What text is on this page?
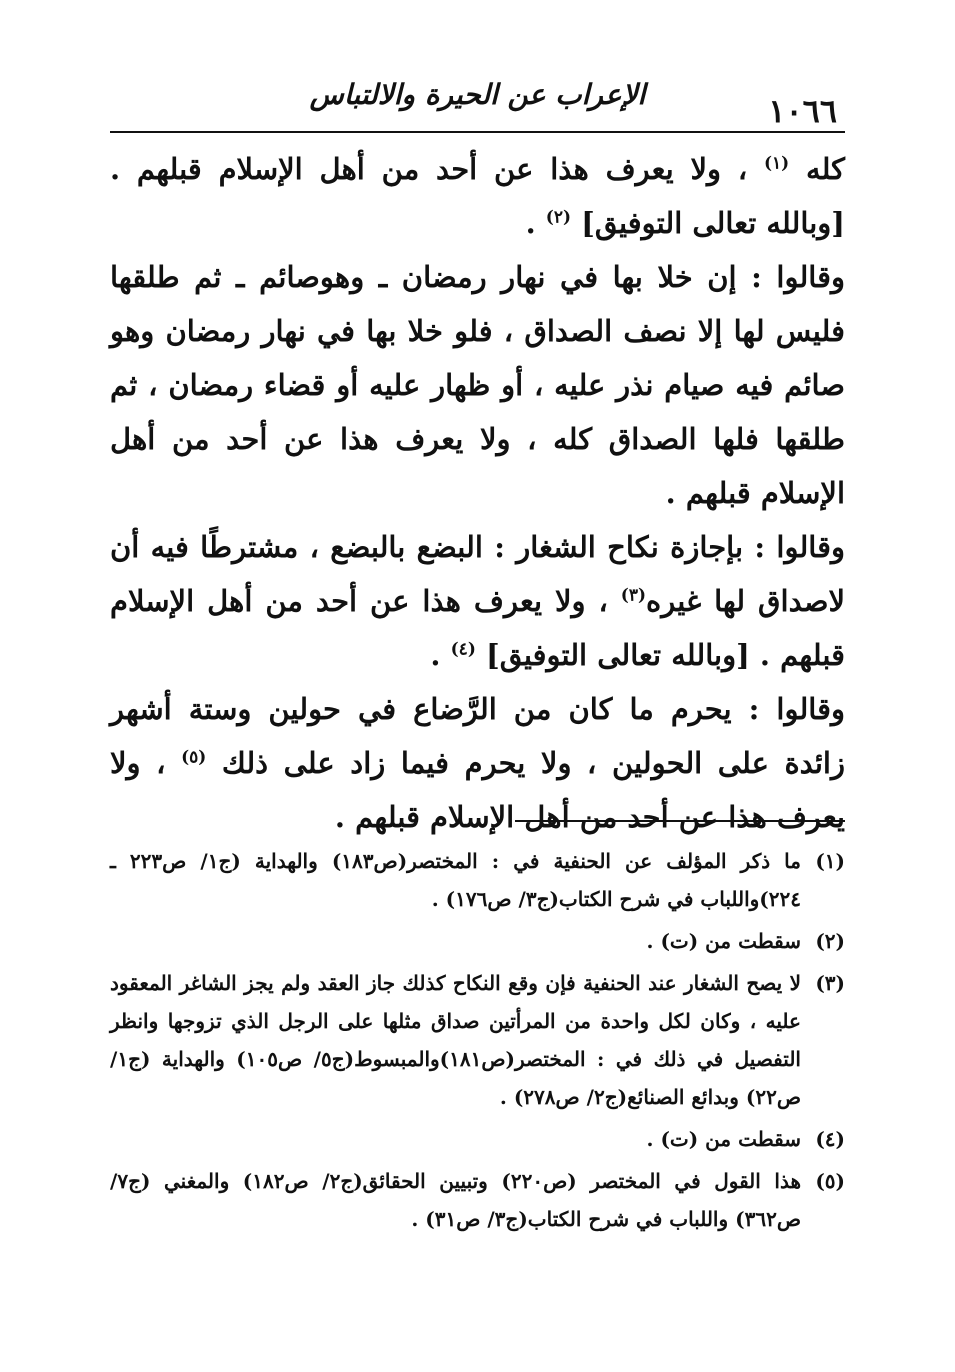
الإعراب عن الحيرة والالتباس	١٠٦٦

كله $^{(١)}$ ، ولا يعرف هذا عن أحد من أهل الإسلام قبلهم . [وبالله تعالى التوفيق] $^{(٢)}$ .

وقالوا : إن خلا بها في نهار رمضان ـ وهوصائم ـ ثم طلقها فليس لها إلا نصف الصداق ، فلو خلا بها في نهار رمضان وهو صائم فيه صيام نذر عليه ، أو ظهار عليه أو قضاء رمضان ، ثم طلقها فلها الصداق كله ، ولا يعرف هذا عن أحد من أهل الإسلام قبلهم .

وقالوا : بإجازة نكاح الشغار : البضع بالبضع ، مشترطًا فيه أن لاصداق لها غيره$^{(٣)}$ ، ولا يعرف هذا عن أحد من أهل الإسلام قبلهم . [وبالله تعالى التوفيق] $^{(٤)}$ .

وقالوا : يحرم ما كان من الرَّضاع في حولين وستة أشهر زائدة على الحولين ، ولا يحرم فيما زاد على ذلك $^{(٥)}$ ، ولا يعرف هذا عن أحد من أهل الإسلام قبلهم .

(١)
ما ذكر المؤلف عن الحنفية في : المختصر(ص١٨٣) والهداية (ج١/ ص٢٢٣ ـ ٢٢٤)واللباب في شرح الكتاب(ج٣/ ص١٧٦) .
(٢)
سقطت من (ت) .
(٣)
لا يصح الشغار عند الحنفية فإن وقع النكاح كذلك جاز العقد ولم يجز الشاغر المعقود عليه ، وكان لكل واحدة من المرأتين صداق مثلها على الرجل الذي تزوجها وانظر التفصيل في ذلك في : المختصر(ص١٨١)والمبسوط(ج٥/ ص١٠٥) والهداية (ج١/ ص٢٢) وبدائع الصنائع(ج٢/ ص٢٧٨) .
(٤)
سقطت من (ت) .
(٥)
هذا القول في المختصر (ص٢٢٠) وتبيين الحقائق(ج٢/ ص١٨٢) والمغني (ج٧/ ص٣٦٢) واللباب في شرح الكتاب(ج٣/ ص٣١) .
